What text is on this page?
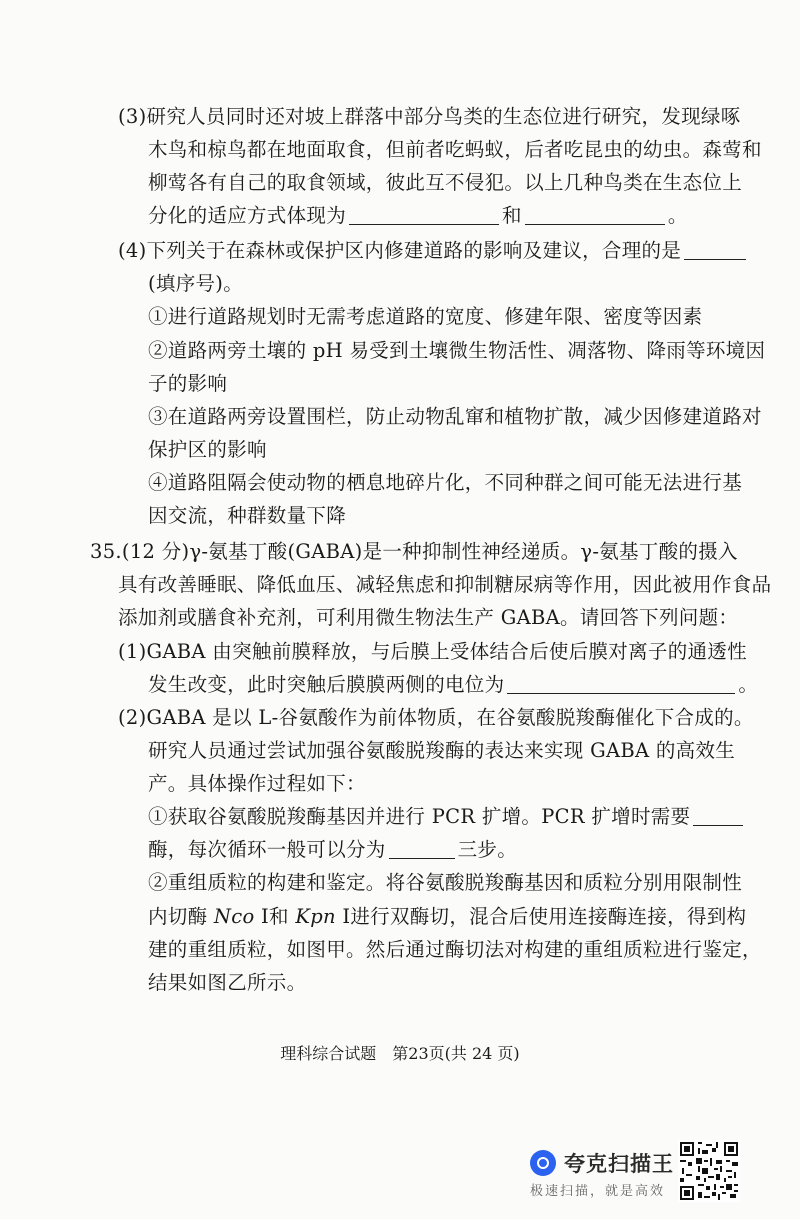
(3)研究人员同时还对坡上群落中部分鸟类的生态位进行研究，发现绿啄
木鸟和椋鸟都在地面取食，但前者吃蚂蚁，后者吃昆虫的幼虫。森莺和
柳莺各有自己的取食领域，彼此互不侵犯。以上几种鸟类在生态位上
分化的适应方式体现为	和	。
(4)下列关于在森林或保护区内修建道路的影响及建议，合理的是
(填序号)。
①进行道路规划时无需考虑道路的宽度、修建年限、密度等因素
②道路两旁土壤的 pH 易受到土壤微生物活性、凋落物、降雨等环境因
子的影响
③在道路两旁设置围栏，防止动物乱窜和植物扩散，减少因修建道路对
保护区的影响
④道路阻隔会使动物的栖息地碎片化，不同种群之间可能无法进行基
因交流，种群数量下降
35.(12 分)γ-氨基丁酸(GABA)是一种抑制性神经递质。γ-氨基丁酸的摄入
具有改善睡眠、降低血压、减轻焦虑和抑制糖尿病等作用，因此被用作食品
添加剂或膳食补充剂，可利用微生物法生产 GABA。请回答下列问题：
(1)GABA 由突触前膜释放，与后膜上受体结合后使后膜对离子的通透性
发生改变，此时突触后膜膜两侧的电位为	。
(2)GABA 是以 L-谷氨酸作为前体物质，在谷氨酸脱羧酶催化下合成的。
研究人员通过尝试加强谷氨酸脱羧酶的表达来实现 GABA 的高效生
产。具体操作过程如下：
①获取谷氨酸脱羧酶基因并进行 PCR 扩增。PCR 扩增时需要
酶，每次循环一般可以分为	三步。
②重组质粒的构建和鉴定。将谷氨酸脱羧酶基因和质粒分别用限制性
内切酶 Nco Ⅰ和 Kpn Ⅰ进行双酶切，混合后使用连接酶连接，得到构
建的重组质粒，如图甲。然后通过酶切法对构建的重组质粒进行鉴定，
结果如图乙所示。
理科综合试题　第23页(共 24 页)
夸克扫描王
极速扫描，就是高效
